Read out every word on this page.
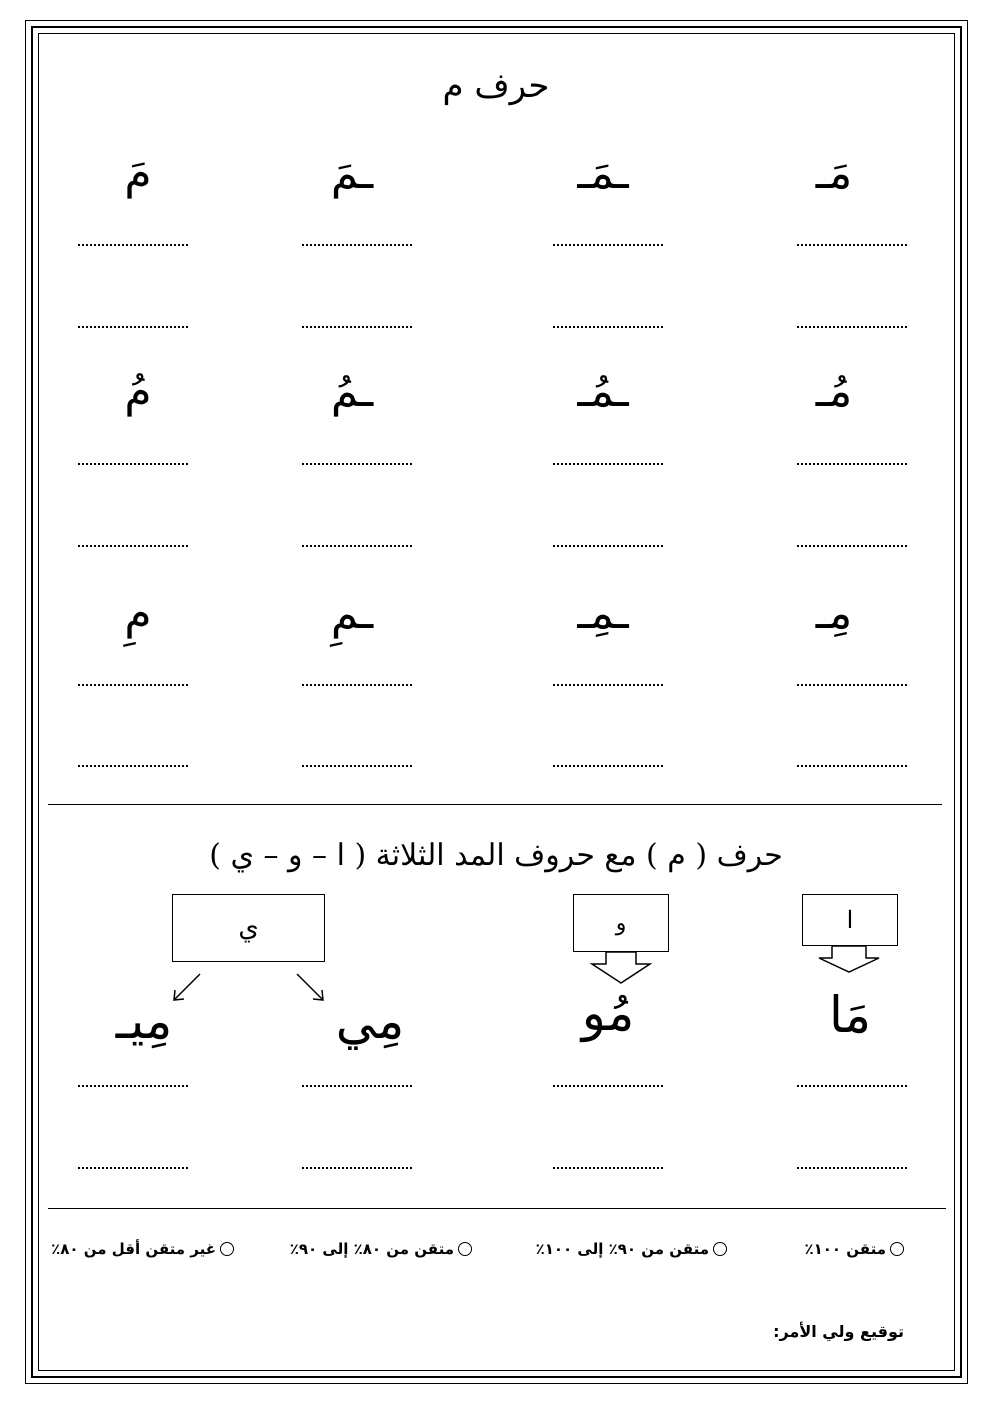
حرف م
مَـ
ـمَـ
ـمَ
مَ
مُـ
ـمُـ
ـمُ
مُ
مِـ
ـمِـ
ـمِ
مِ
حرف ( م ) مع حروف المد الثلاثة ( ا – و – ي )
ا
و
ي
مَا
مُو
مِي
مِيـ
متقن ١٠٠٪
متقن من ٩٠٪ إلى ١٠٠٪
متقن من ٨٠٪ إلى ٩٠٪
غير متقن أقل من ٨٠٪
توقيع ولي الأمر:
